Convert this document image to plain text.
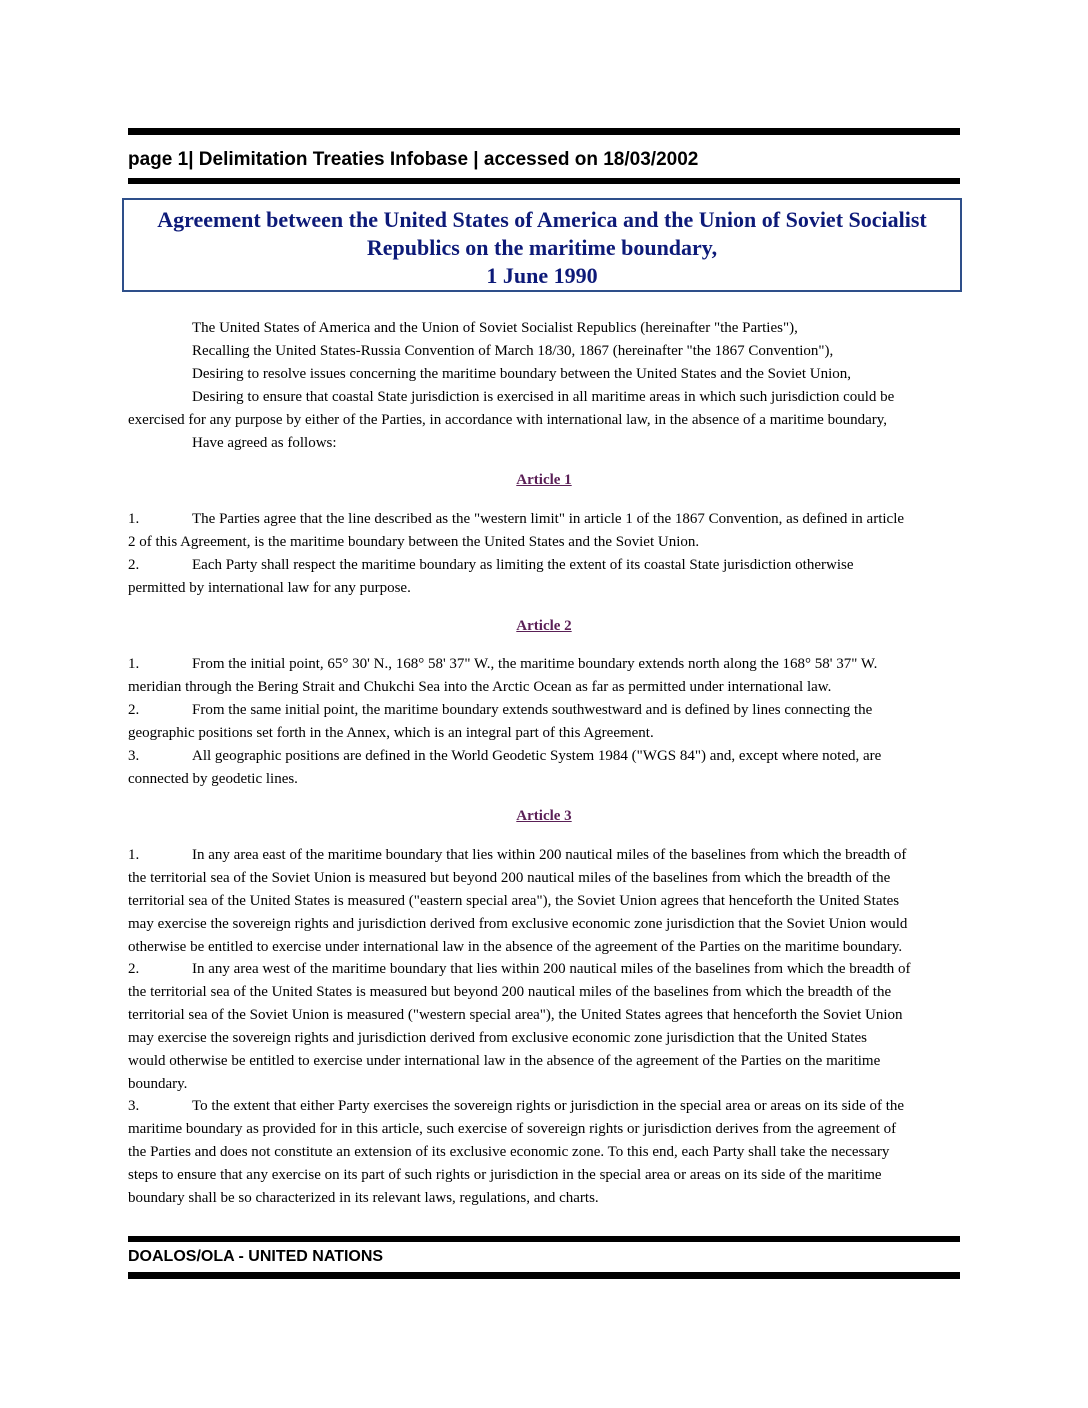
page 1| Delimitation Treaties Infobase | accessed on 18/03/2002
Agreement between the United States of America and the Union of Soviet Socialist
Republics on the maritime boundary,
1 June 1990
The United States of America and the Union of Soviet Socialist Republics (hereinafter "the Parties"),
Recalling the United States-Russia Convention of March 18/30, 1867 (hereinafter "the 1867 Convention"),
Desiring to resolve issues concerning the maritime boundary between the United States and the Soviet Union,
Desiring to ensure that coastal State jurisdiction is exercised in all maritime areas in which such jurisdiction could be
exercised for any purpose by either of the Parties, in accordance with international law, in the absence of a maritime boundary,
Have agreed as follows:
Article 1
1.	The Parties agree that the line described as the "western limit" in article 1 of the 1867 Convention, as defined in article
2 of this Agreement, is the maritime boundary between the United States and the Soviet Union.
2.	Each Party shall respect the maritime boundary as limiting the extent of its coastal State jurisdiction otherwise
permitted by international law for any purpose.
Article 2
1.	From the initial point, 65° 30' N., 168° 58' 37" W., the maritime boundary extends north along the 168° 58' 37" W.
meridian through the Bering Strait and Chukchi Sea into the Arctic Ocean as far as permitted under international law.
2.	From the same initial point, the maritime boundary extends southwestward and is defined by lines connecting the
geographic positions set forth in the Annex, which is an integral part of this Agreement.
3.	All geographic positions are defined in the World Geodetic System 1984 ("WGS 84") and, except where noted, are
connected by geodetic lines.
Article 3
1.	In any area east of the maritime boundary that lies within 200 nautical miles of the baselines from which the breadth of
the territorial sea of the Soviet Union is measured but beyond 200 nautical miles of the baselines from which the breadth of the
territorial sea of the United States is measured ("eastern special area"), the Soviet Union agrees that henceforth the United States
may exercise the sovereign rights and jurisdiction derived from exclusive economic zone jurisdiction that the Soviet Union would
otherwise be entitled to exercise under international law in the absence of the agreement of the Parties on the maritime boundary.
2.	In any area west of the maritime boundary that lies within 200 nautical miles of the baselines from which the breadth of
the territorial sea of the United States is measured but beyond 200 nautical miles of the baselines from which the breadth of the
territorial sea of the Soviet Union is measured ("western special area"), the United States agrees that henceforth the Soviet Union
may exercise the sovereign rights and jurisdiction derived from exclusive economic zone jurisdiction that the United States
would otherwise be entitled to exercise under international law in the absence of the agreement of the Parties on the maritime
boundary.
3.	To the extent that either Party exercises the sovereign rights or jurisdiction in the special area or areas on its side of the
maritime boundary as provided for in this article, such exercise of sovereign rights or jurisdiction derives from the agreement of
the Parties and does not constitute an extension of its exclusive economic zone. To this end, each Party shall take the necessary
steps to ensure that any exercise on its part of such rights or jurisdiction in the special area or areas on its side of the maritime
boundary shall be so characterized in its relevant laws, regulations, and charts.
DOALOS/OLA - UNITED NATIONS
